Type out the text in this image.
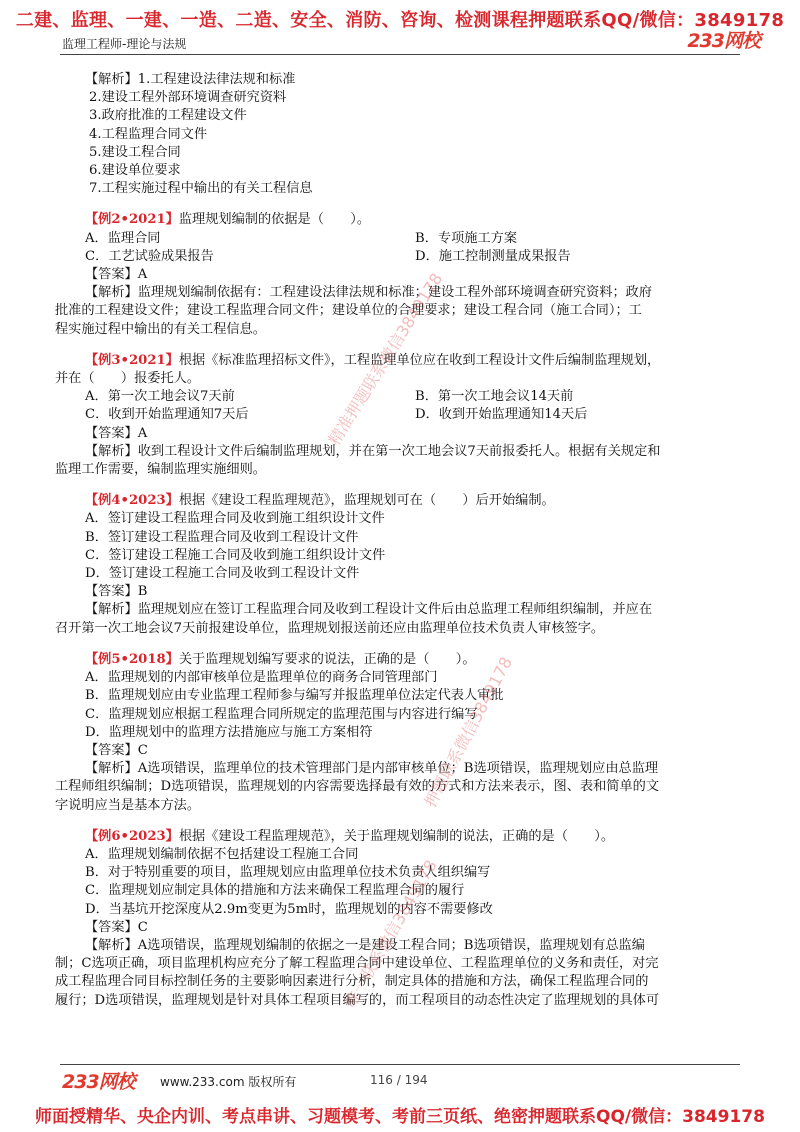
二建、监理、一建、一造、二造、安全、消防、咨询、检测课程押题联系QQ/微信：3849178
监理工程师-理论与法规	233网校
【解析】1.工程建设法律法规和标准
2.建设工程外部环境调查研究资料
3.政府批准的工程建设文件
4.工程监理合同文件
5.建设工程合同
6.建设单位要求
7.工程实施过程中输出的有关工程信息
【例2•2021】监理规划编制的依据是（　　）。
A．监理合同	B．专项施工方案
C．工艺试验成果报告	D．施工控制测量成果报告
【答案】A
【解析】监理规划编制依据有：工程建设法律法规和标准；建设工程外部环境调查研究资料；政府
批准的工程建设文件；建设工程监理合同文件；建设单位的合理要求；建设工程合同（施工合同）；工
程实施过程中输出的有关工程信息。
【例3•2021】根据《标准监理招标文件》，工程监理单位应在收到工程设计文件后编制监理规划，
并在（　　）报委托人。
A．第一次工地会议7天前	B．第一次工地会议14天前
C．收到开始监理通知7天后	D．收到开始监理通知14天后
【答案】A
【解析】收到工程设计文件后编制监理规划，并在第一次工地会议7天前报委托人。根据有关规定和
监理工作需要，编制监理实施细则。
【例4•2023】根据《建设工程监理规范》，监理规划可在（　　）后开始编制。
A．签订建设工程监理合同及收到施工组织设计文件
B．签订建设工程监理合同及收到工程设计文件
C．签订建设工程施工合同及收到施工组织设计文件
D．签订建设工程施工合同及收到工程设计文件
【答案】B
【解析】监理规划应在签订工程监理合同及收到工程设计文件后由总监理工程师组织编制，并应在
召开第一次工地会议7天前报建设单位，监理规划报送前还应由监理单位技术负责人审核签字。
【例5•2018】关于监理规划编写要求的说法，正确的是（　　）。
A．监理规划的内部审核单位是监理单位的商务合同管理部门
B．监理规划应由专业监理工程师参与编写并报监理单位法定代表人审批
C．监理规划应根据工程监理合同所规定的监理范围与内容进行编写
D．监理规划中的监理方法措施应与施工方案相符
【答案】C
【解析】A选项错误，监理单位的技术管理部门是内部审核单位；B选项错误，监理规划应由总监理
工程师组织编制；D选项错误，监理规划的内容需要选择最有效的方式和方法来表示，图、表和简单的文
字说明应当是基本方法。
【例6•2023】根据《建设工程监理规范》，关于监理规划编制的说法，正确的是（　　）。
A．监理规划编制依据不包括建设工程施工合同
B．对于特别重要的项目，监理规划应由监理单位技术负责人组织编写
C．监理规划应制定具体的措施和方法来确保工程监理合同的履行
D．当基坑开挖深度从2.9m变更为5m时，监理规划的内容不需要修改
【答案】C
【解析】A选项错误，监理规划编制的依据之一是建设工程合同；B选项错误，监理规划有总监编
制；C选项正确，项目监理机构应充分了解工程监理合同中建设单位、工程监理单位的义务和责任，对完
成工程监理合同目标控制任务的主要影响因素进行分析，制定具体的措施和方法，确保工程监理合同的
履行；D选项错误，监理规划是针对具体工程项目编写的，而工程项目的动态性决定了监理规划的具体可
精准押题联系微信3849178
押题联系微信3849178
唯一联系微信3849178
233网校 www.233.com 版权所有	116 / 194
师面授精华、央企内训、考点串讲、习题模考、考前三页纸、绝密押题联系QQ/微信：3849178
